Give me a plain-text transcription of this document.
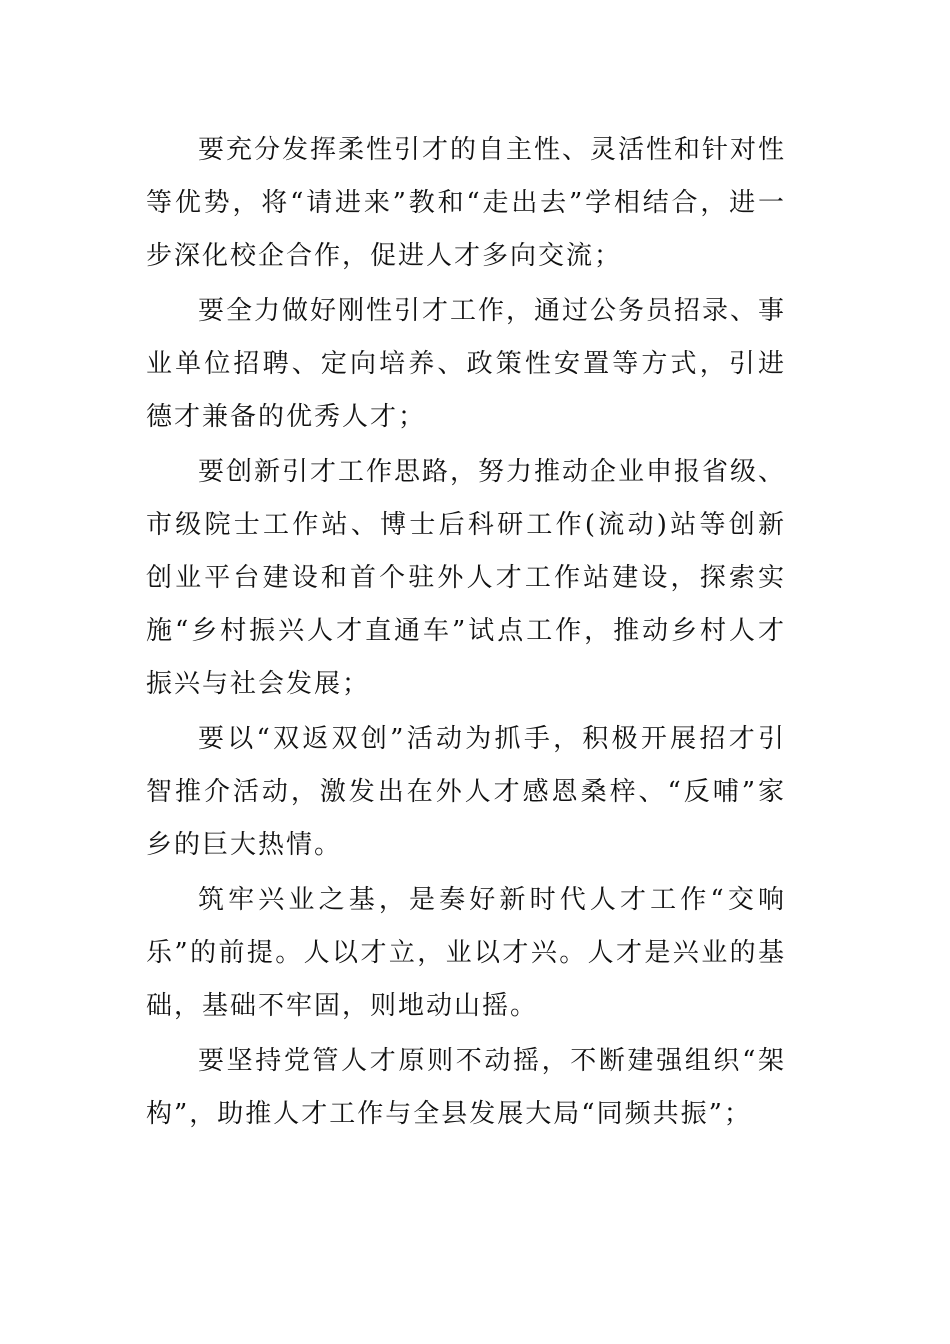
要充分发挥柔性引才的自主性、灵活性和针对性等优势，将“请进来”教和“走出去”学相结合，进一步深化校企合作，促进人才多向交流；

要全力做好刚性引才工作，通过公务员招录、事业单位招聘、定向培养、政策性安置等方式，引进德才兼备的优秀人才；

要创新引才工作思路，努力推动企业申报省级、市级院士工作站、博士后科研工作(流动)站等创新创业平台建设和首个驻外人才工作站建设，探索实施“乡村振兴人才直通车”试点工作，推动乡村人才振兴与社会发展；

要以“双返双创”活动为抓手，积极开展招才引智推介活动，激发出在外人才感恩桑梓、“反哺”家乡的巨大热情。

筑牢兴业之基，是奏好新时代人才工作“交响乐”的前提。人以才立，业以才兴。人才是兴业的基础，基础不牢固，则地动山摇。

要坚持党管人才原则不动摇，不断建强组织“架构”，助推人才工作与全县发展大局“同频共振”；
